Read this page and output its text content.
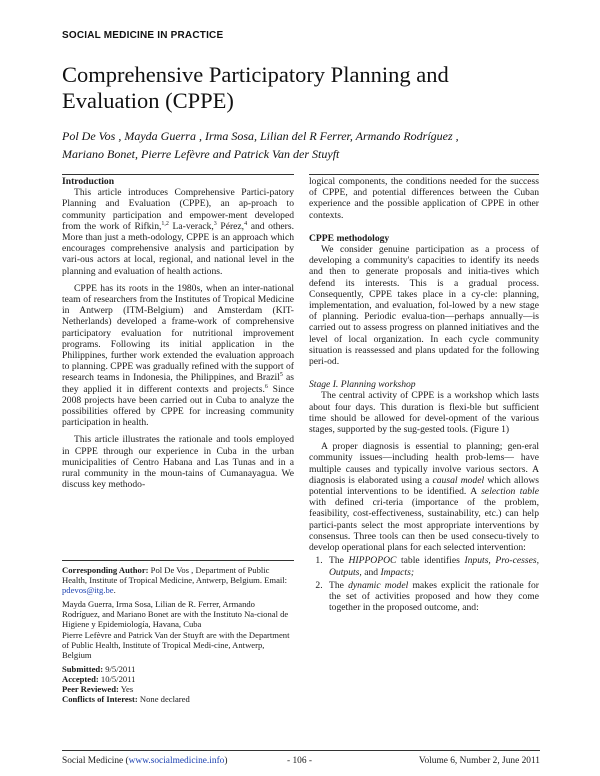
SOCIAL MEDICINE IN PRACTICE
Comprehensive Participatory Planning and Evaluation (CPPE)
Pol De Vos , Mayda Guerra , Irma Sosa, Lilian del R Ferrer, Armando Rodríguez ,
Mariano Bonet, Pierre Lefèvre and Patrick Van der Stuyft
Introduction

This article introduces Comprehensive Partici-patory Planning and Evaluation (CPPE), an ap-proach to community participation and empower-ment developed from the work of Rifkin,$^{1,2}$ La-verack,$^3$ Pérez,$^4$ and others. More than just a meth-odology, CPPE is an approach which encourages comprehensive analysis and participation by vari-ous actors at local, regional, and national level in the planning and evaluation of health actions.

CPPE has its roots in the 1980s, when an inter-national team of researchers from the Institutes of Tropical Medicine in Antwerp (ITM-Belgium) and Amsterdam (KIT-Netherlands) developed a frame-work of comprehensive participatory evaluation for nutritional improvement programs. Following its initial application in the Philippines, further work extended the evaluation approach to planning. CPPE was gradually refined with the support of research teams in Indonesia, the Philippines, and Brazil$^5$ as they applied it in different contexts and projects.$^6$ Since 2008 projects have been carried out in Cuba to analyze the possibilities offered by CPPE for increasing community participation in health.

This article illustrates the rationale and tools employed in CPPE through our experience in Cuba in the urban municipalities of Centro Habana and Las Tunas and in a rural community in the moun-tains of Cumanayagua. We discuss key methodo-

Corresponding Author: Pol De Vos , Department of Public Health, Institute of Tropical Medicine, Antwerp, Belgium. Email: pdevos@itg.be.

Mayda Guerra, Irma Sosa, Lilian de R. Ferrer, Armando Rodríguez, and Mariano Bonet are with the Instituto Na-cional de Higiene y Epidemiología, Havana, Cuba

Pierre Lefèvre and Patrick Van der Stuyft are with the Department of Public Health, Institute of Tropical Medi-cine, Antwerp, Belgium

Submitted: 9/5/2011
Accepted: 10/5/2011
Peer Reviewed: Yes
Conflicts of Interest: None declared

logical components, the conditions needed for the success of CPPE, and potential differences between the Cuban experience and the possible application of CPPE in other contexts.

CPPE methodology

We consider genuine participation as a process of developing a community's capacities to identify its needs and then to generate proposals and initia-tives which defend its interests. This is a gradual process. Consequently, CPPE takes place in a cy-cle: planning, implementation, and evaluation, fol-lowed by a new stage of planning. Periodic evalua-tion—perhaps annually—is carried out to assess progress on planned initiatives and the level of local organization. In each cycle community situation is reassessed and plans updated for the following peri-od.

Stage I. Planning workshop

The central activity of CPPE is a workshop which lasts about four days. This duration is flexi-ble but sufficient time should be allowed for devel-opment of the various stages, supported by the sug-gested tools. (Figure 1)

A proper diagnosis is essential to planning; gen-eral community issues—including health prob-lems— have multiple causes and typically involve various sectors. A diagnosis is elaborated using a causal model which allows potential interventions to be identified. A selection table with defined cri-teria (importance of the problem, feasibility, cost-effectiveness, sustainability, etc.) can help partici-pants select the most appropriate interventions by consensus. Three tools can then be used consecu-tively to develop operational plans for each selected intervention:

1. The HIPPOPOC table identifies Inputs, Pro-cesses, Outputs, and Impacts;
2. The dynamic model makes explicit the rationale for the set of activities proposed and how they come together in the proposed outcome, and:
Social Medicine (www.socialmedicine.info)	- 106 -	Volume 6, Number 2, June 2011
